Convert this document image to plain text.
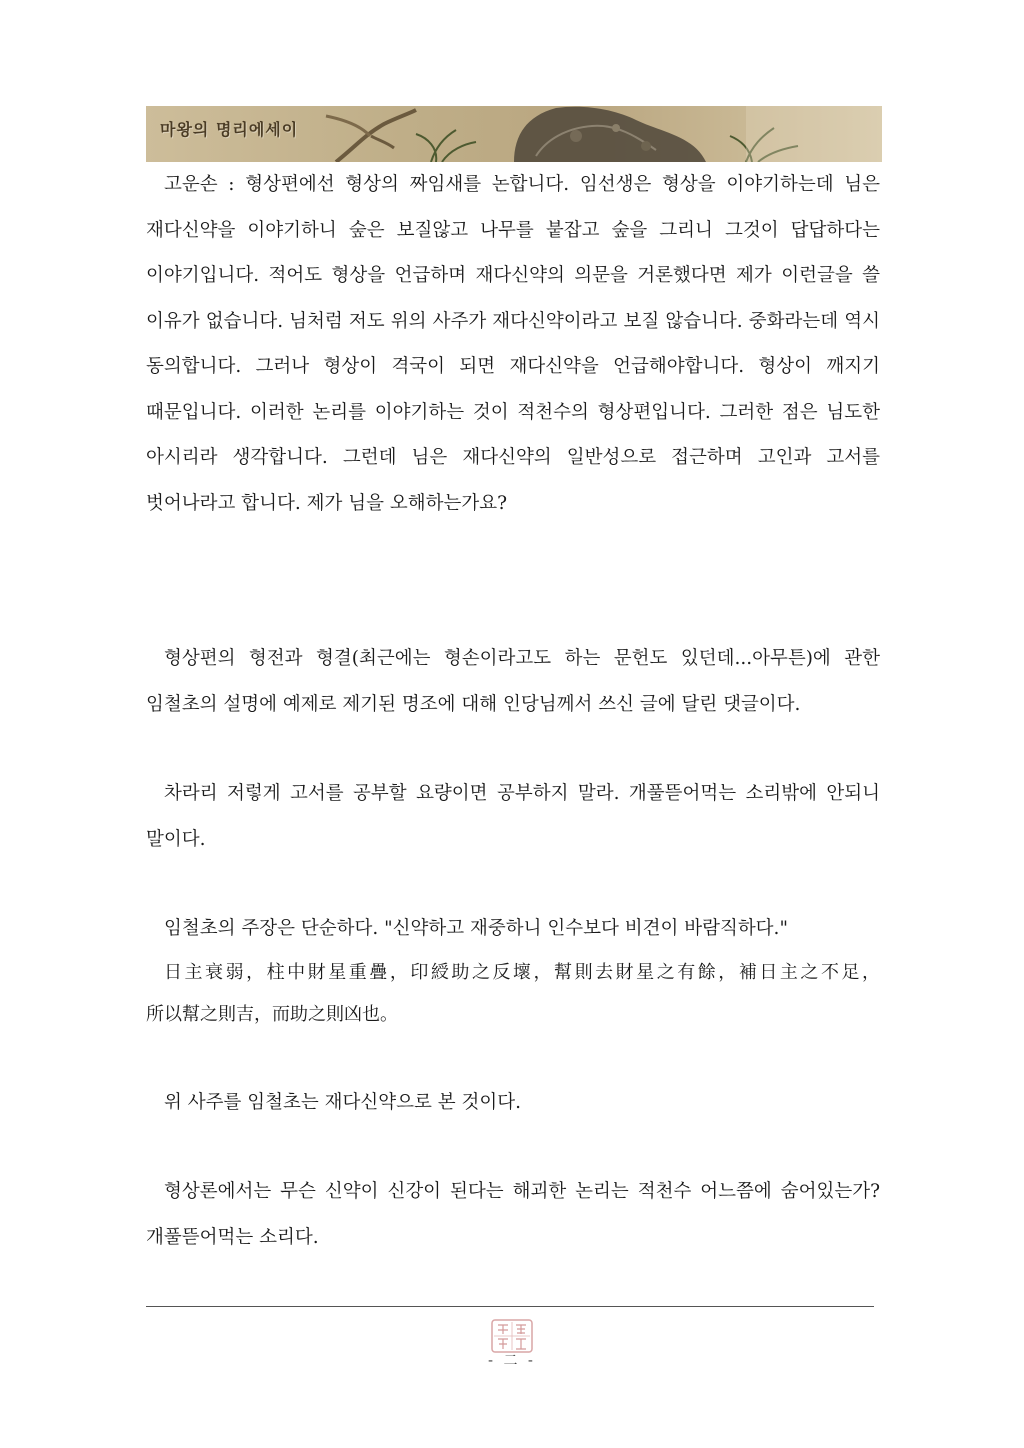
마왕의 명리에세이

고운손 : 형상편에선 형상의 짜임새를 논합니다. 임선생은 형상을 이야기하는데 님은 재다신약을 이야기하니 숲은 보질않고 나무를 붙잡고 숲을 그리니 그것이 답답하다는 이야기입니다. 적어도 형상을 언급하며 재다신약의 의문을 거론했다면 제가 이런글을 쓸 이유가 없습니다. 님처럼 저도 위의 사주가 재다신약이라고 보질 않습니다. 중화라는데 역시 동의합니다. 그러나 형상이 격국이 되면 재다신약을 언급해야합니다. 형상이 깨지기 때문입니다. 이러한 논리를 이야기하는 것이 적천수의 형상편입니다. 그러한 점은 님도한 아시리라 생각합니다. 그런데 님은 재다신약의 일반성으로 접근하며 고인과 고서를 벗어나라고 합니다. 제가 님을 오해하는가요?

형상편의 형전과 형결(최근에는 형손이라고도 하는 문헌도 있던데...아무튼)에 관한 임철초의 설명에 예제로 제기된 명조에 대해 인당님께서 쓰신 글에 달린 댓글이다.

차라리 저렇게 고서를 공부할 요량이면 공부하지 말라. 개풀뜯어먹는 소리밖에 안되니 말이다.

임철초의 주장은 단순하다. "신약하고 재중하니 인수보다 비견이 바람직하다."

日主衰弱，柱中財星重疊，印綬助之反壞，幫則去財星之有餘，補日主之不足，所以幫之則吉，而助之則凶也。

위 사주를 임철초는 재다신약으로 본 것이다.

형상론에서는 무슨 신약이 신강이 된다는 해괴한 논리는 적천수 어느쯤에 숨어있는가? 개풀뜯어먹는 소리다.

- 二 -
